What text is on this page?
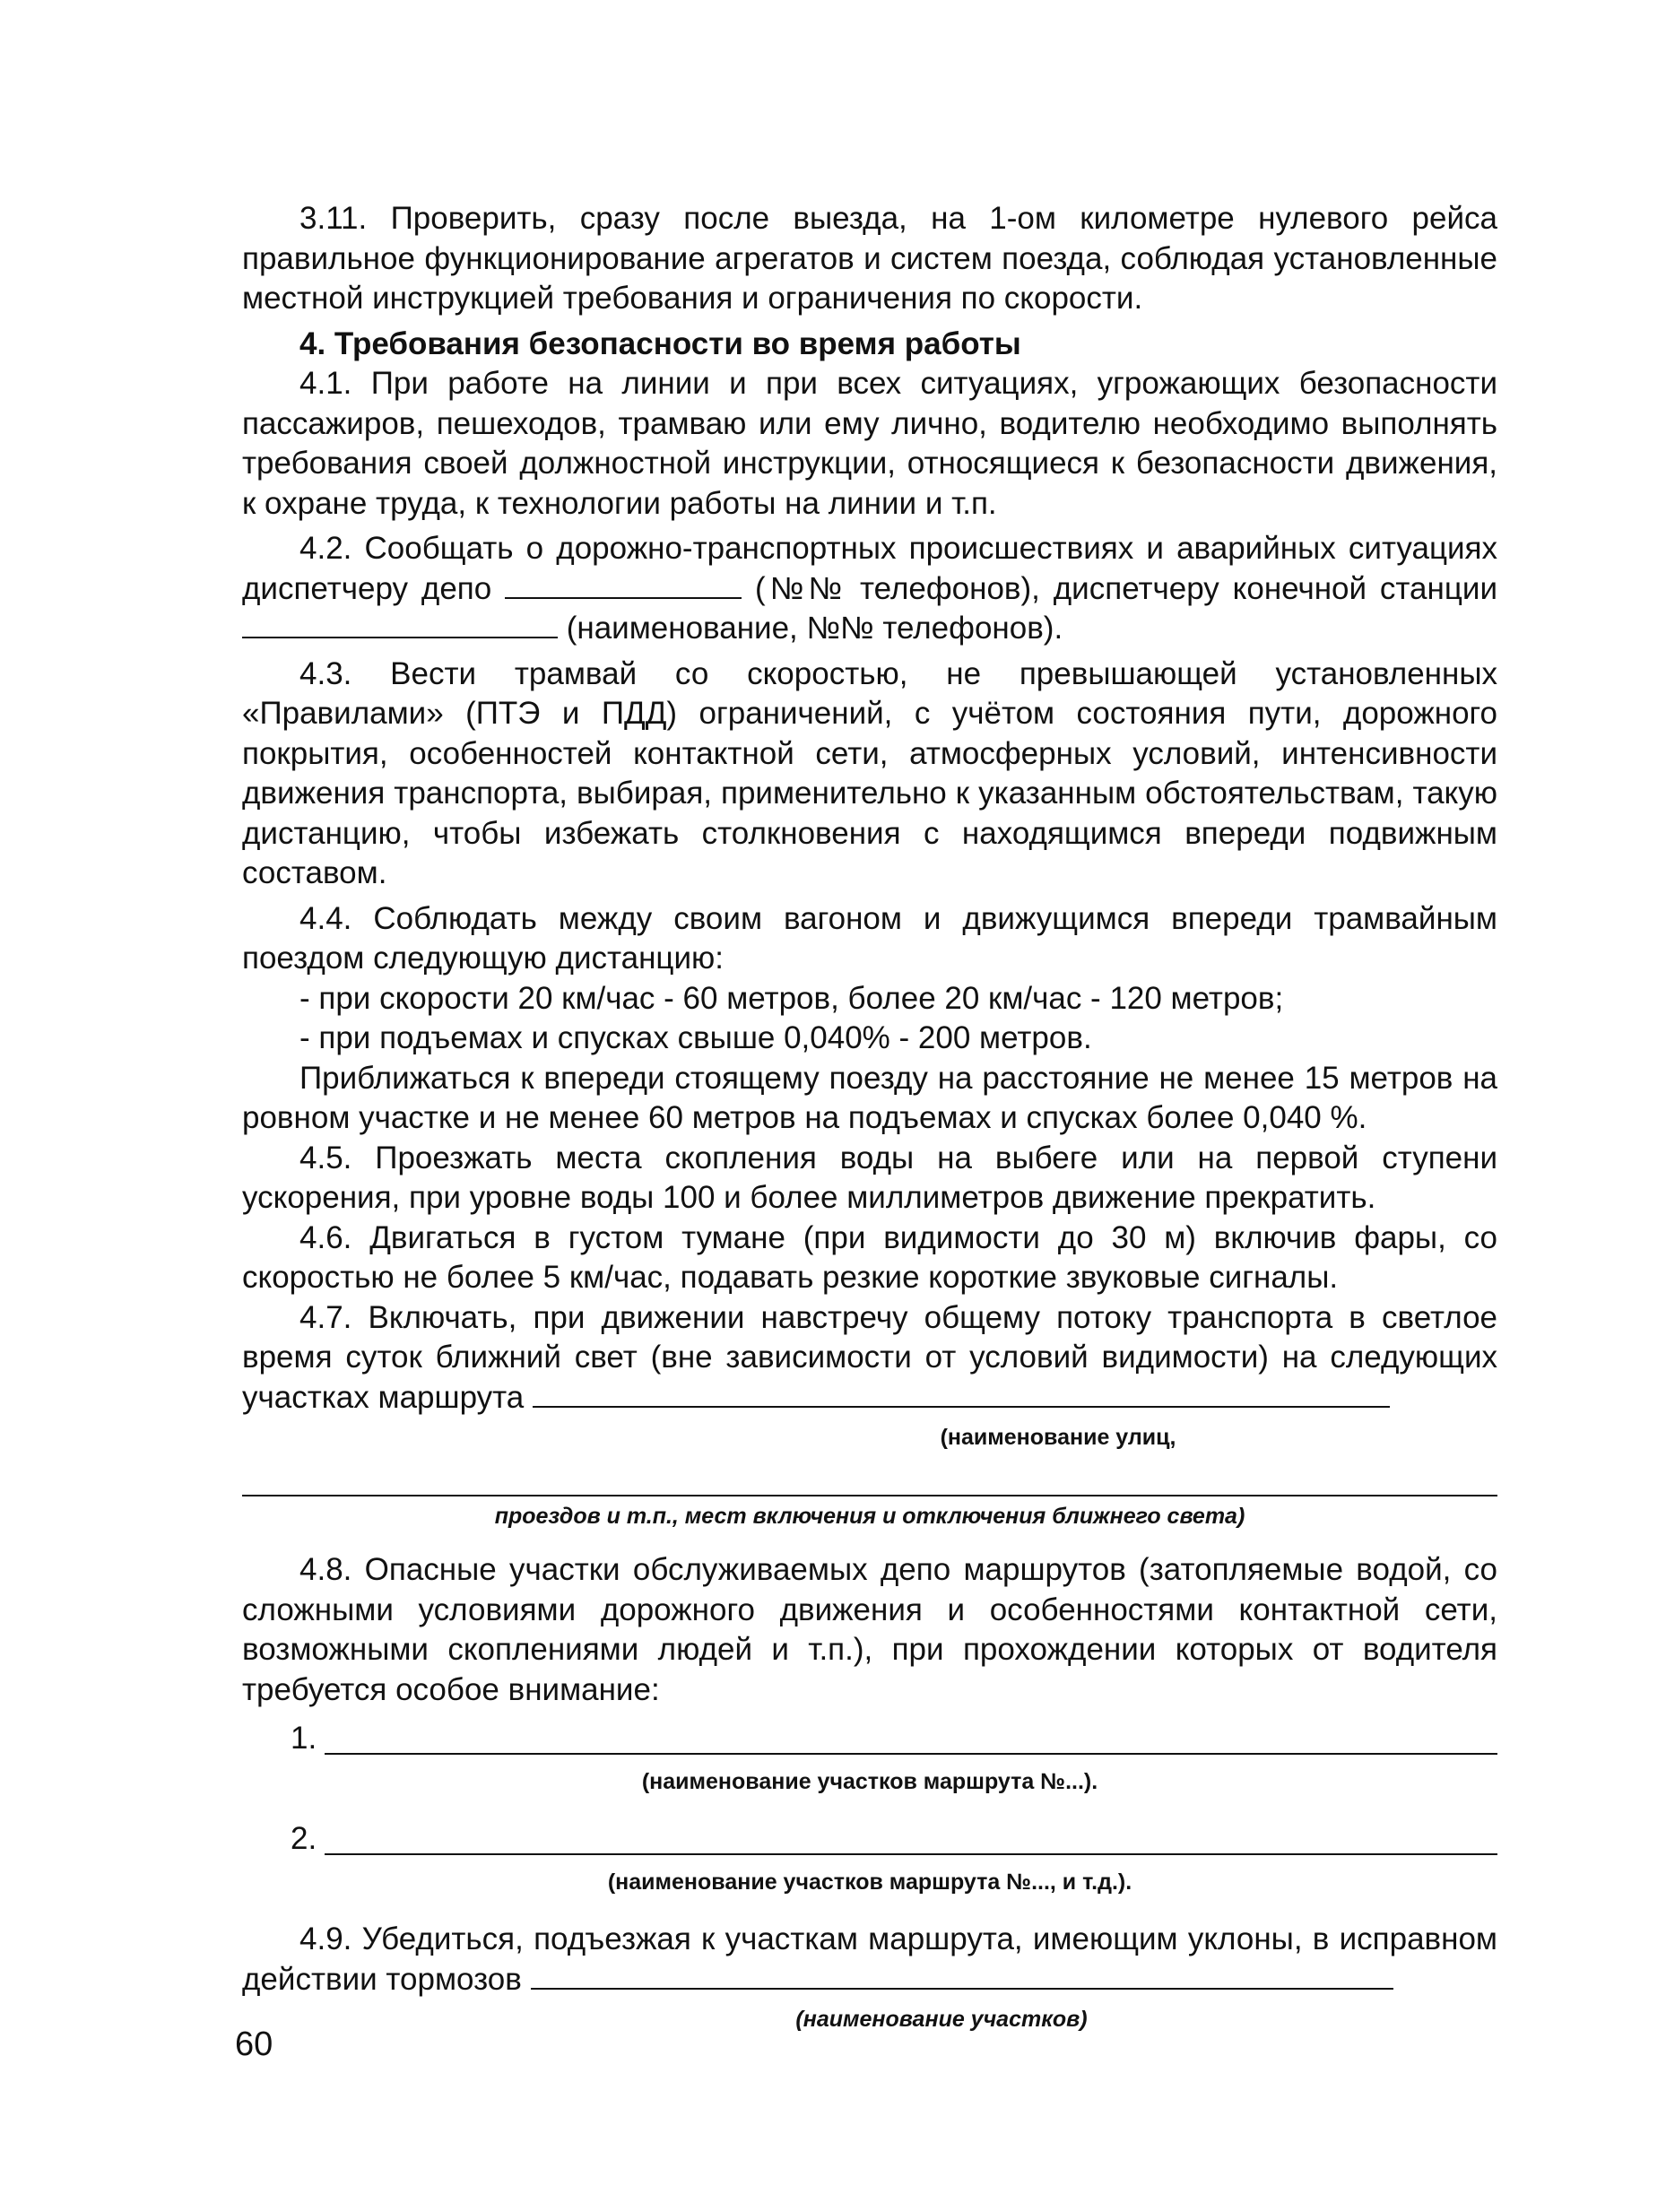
3.11. Проверить, сразу после выезда, на 1-ом километре нулевого рейса правильное функционирование агрегатов и систем поезда, соблюдая установленные местной инструкцией требования и ограничения по скорости.

4. Требования безопасности во время работы

4.1. При работе на линии и при всех ситуациях, угрожающих безопасности пассажиров, пешеходов, трамваю или ему лично, водителю необходимо выполнять требования своей должностной инструкции, относящиеся к безопасности движения, к охране труда, к технологии работы на линии и т.п.

4.2. Сообщать о дорожно-транспортных происшествиях и аварийных ситуациях диспетчеру депо	(№№ телефонов), диспетчеру конечной станции  (наименование, №№ телефонов).

4.3. Вести трамвай со скоростью, не превышающей установленных «Правилами» (ПТЭ и ПДД) ограничений, с учётом состояния пути, дорожного покрытия, особенностей контактной сети, атмосферных условий, интенсивности движения транспорта, выбирая, применительно к указанным обстоятельствам, такую дистанцию, чтобы избежать столкновения с находящимся впереди подвижным составом.

4.4. Соблюдать между своим вагоном и движущимся впереди трамвайным поездом следующую дистанцию:

- при скорости 20 км/час - 60 метров, более 20 км/час - 120 метров;

- при подъемах и спусках свыше 0,040% - 200 метров.

Приближаться к впереди стоящему поезду на расстояние не менее 15 метров на ровном участке и не менее 60 метров на подъемах и спусках более 0,040 %.

4.5. Проезжать места скопления воды на выбеге или на первой ступени ускорения, при уровне воды 100 и более миллиметров движение прекратить.

4.6. Двигаться в густом тумане (при видимости до 30 м) включив фары, со скоростью не более 5 км/час, подавать резкие короткие звуковые сигналы.

4.7. Включать, при движении навстречу общему потоку транспорта в светлое время суток ближний свет (вне зависимости от условий видимости) на следующих участках маршрута

(наименование улиц,
проездов и т.п., мест включения и отключения ближнего света)

4.8. Опасные участки обслуживаемых депо маршрутов (затопляемые водой, со сложными условиями дорожного движения и особенностями контактной сети, возможными скоплениями людей и т.п.), при прохождении которых от водителя требуется особое внимание:

1.
(наименование участков маршрута №...).
2.
(наименование участков маршрута №..., и т.д.).

4.9. Убедиться, подъезжая к участкам маршрута, имеющим уклоны, в исправном действии тормозов

(наименование участков)
60
